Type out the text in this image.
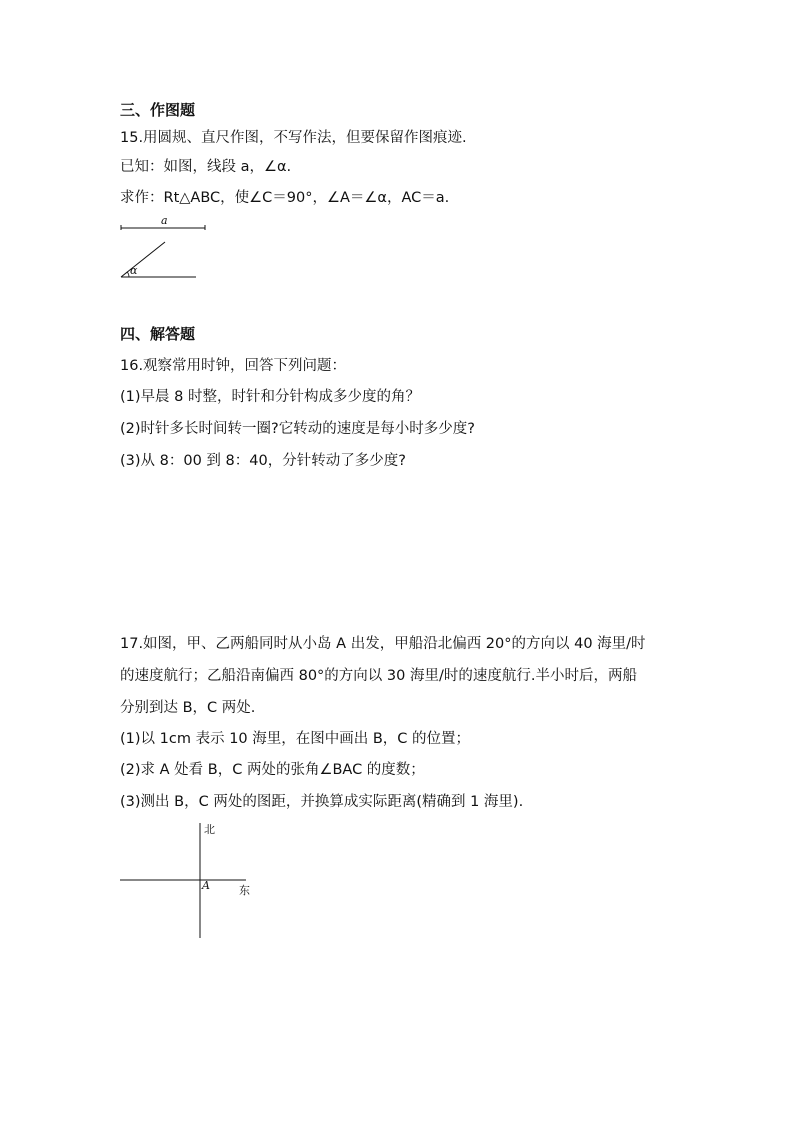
三、作图题
15.用圆规、直尺作图，不写作法，但要保留作图痕迹.
已知：如图，线段 a，∠α.
求作：Rt△ABC，使∠C＝90°，∠A＝∠α，AC＝a.
a
α
四、解答题
16.观察常用时钟，回答下列问题：
(1)早晨 8 时整，时针和分针构成多少度的角？
(2)时针多长时间转一圈?它转动的速度是每小时多少度?
(3)从 8：00 到 8：40，分针转动了多少度?
17.如图，甲、乙两船同时从小岛 A 出发，甲船沿北偏西 20°的方向以 40 海里/时
的速度航行；乙船沿南偏西 80°的方向以 30 海里/时的速度航行.半小时后，两船
分别到达 B，C 两处.
(1)以 1cm 表示 10 海里，在图中画出 B，C 的位置；
(2)求 A 处看 B，C 两处的张角∠BAC 的度数；
(3)测出 B，C 两处的图距，并换算成实际距离(精确到 1 海里).
北
东
A
